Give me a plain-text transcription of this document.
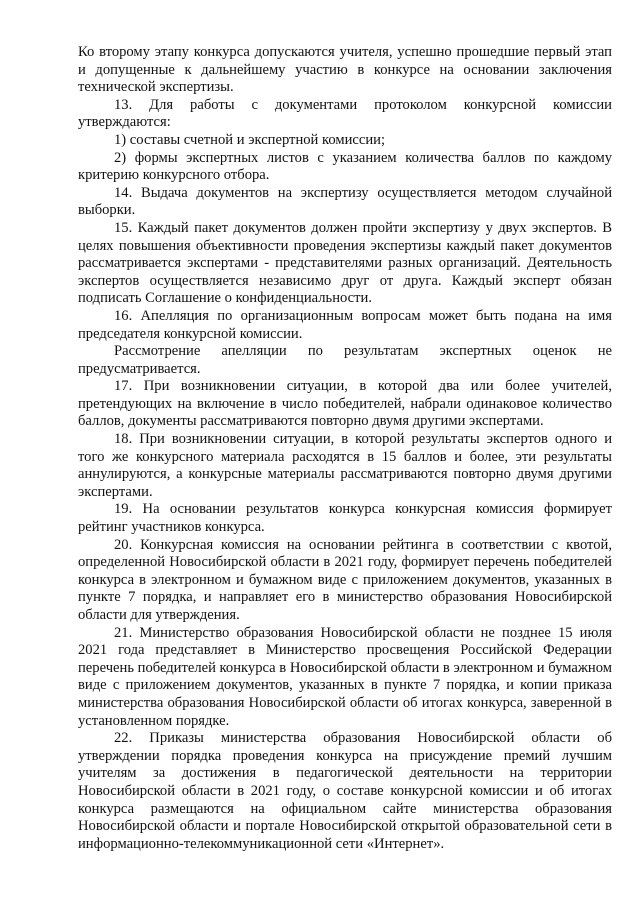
Ко второму этапу конкурса допускаются учителя, успешно прошедшие первый этап и допущенные к дальнейшему участию в конкурсе на основании заключения технической экспертизы.

13. Для работы с документами протоколом конкурсной комиссии утверждаются:

1) составы счетной и экспертной комиссии;

2) формы экспертных листов с указанием количества баллов по каждому критерию конкурсного отбора.

14. Выдача документов на экспертизу осуществляется методом случайной выборки.

15. Каждый пакет документов должен пройти экспертизу у двух экспертов. В целях повышения объективности проведения экспертизы каждый пакет документов рассматривается экспертами - представителями разных организаций. Деятельность экспертов осуществляется независимо друг от друга. Каждый эксперт обязан подписать Соглашение о конфиденциальности.

16. Апелляция по организационным вопросам может быть подана на имя председателя конкурсной комиссии.

Рассмотрение апелляции по результатам экспертных оценок не предусматривается.

17. При возникновении ситуации, в которой два или более учителей, претендующих на включение в число победителей, набрали одинаковое количество баллов, документы рассматриваются повторно двумя другими экспертами.

18. При возникновении ситуации, в которой результаты экспертов одного и того же конкурсного материала расходятся в 15 баллов и более, эти результаты аннулируются, а конкурсные материалы рассматриваются повторно двумя другими экспертами.

19. На основании результатов конкурса конкурсная комиссия формирует рейтинг участников конкурса.

20. Конкурсная комиссия на основании рейтинга в соответствии с квотой, определенной Новосибирской области в 2021 году, формирует перечень победителей конкурса в электронном и бумажном виде с приложением документов, указанных в пункте 7 порядка, и направляет его в министерство образования Новосибирской области для утверждения.

21. Министерство образования Новосибирской области не позднее 15 июля 2021 года представляет в Министерство просвещения Российской Федерации перечень победителей конкурса в Новосибирской области в электронном и бумажном виде с приложением документов, указанных в пункте 7 порядка, и копии приказа министерства образования Новосибирской области об итогах конкурса, заверенной в установленном порядке.

22. Приказы министерства образования Новосибирской области об утверждении порядка проведения конкурса на присуждение премий лучшим учителям за достижения в педагогической деятельности на территории Новосибирской области в 2021 году, о составе конкурсной комиссии и об итогах конкурса размещаются на официальном сайте министерства образования Новосибирской области и портале Новосибирской открытой образовательной сети в информационно-телекоммуникационной сети «Интернет».
